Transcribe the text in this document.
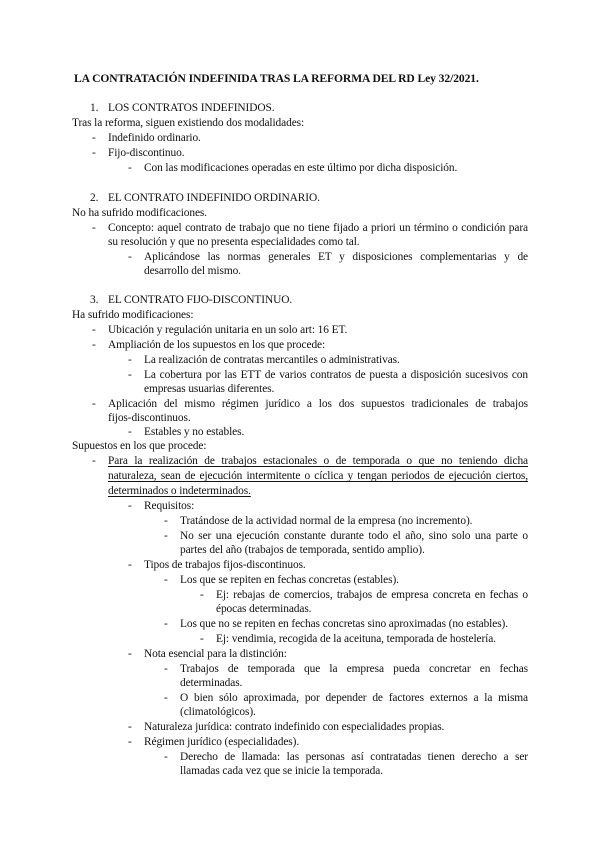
LA CONTRATACIÓN INDEFINIDA TRAS LA REFORMA DEL RD Ley 32/2021.
1. LOS CONTRATOS INDEFINIDOS.
Tras la reforma, siguen existiendo dos modalidades:
- Indefinido ordinario.
- Fijo-discontinuo.
- Con las modificaciones operadas en este último por dicha disposición.
2. EL CONTRATO INDEFINIDO ORDINARIO.
No ha sufrido modificaciones.
- Concepto: aquel contrato de trabajo que no tiene fijado a priori un término o condición para
su resolución y que no presenta especialidades como tal.
- Aplicándose las normas generales ET y disposiciones complementarias y de
desarrollo del mismo.
3. EL CONTRATO FIJO-DISCONTINUO.
Ha sufrido modificaciones:
- Ubicación y regulación unitaria en un solo art: 16 ET.
- Ampliación de los supuestos en los que procede:
- La realización de contratas mercantiles o administrativas.
- La cobertura por las ETT de varios contratos de puesta a disposición sucesivos con
empresas usuarias diferentes.
- Aplicación del mismo régimen jurídico a los dos supuestos tradicionales de trabajos
fijos-discontinuos.
- Estables y no estables.
Supuestos en los que procede:
- Para la realización de trabajos estacionales o de temporada o que no teniendo dicha
naturaleza, sean de ejecución intermitente o cíclica y tengan periodos de ejecución ciertos,
determinados o indeterminados.
- Requisitos:
- Tratándose de la actividad normal de la empresa (no incremento).
- No ser una ejecución constante durante todo el año, sino solo una parte o
partes del año (trabajos de temporada, sentido amplio).
- Tipos de trabajos fijos-discontinuos.
- Los que se repiten en fechas concretas (estables).
- Ej: rebajas de comercios, trabajos de empresa concreta en fechas o
épocas determinadas.
- Los que no se repiten en fechas concretas sino aproximadas (no estables).
- Ej: vendimia, recogida de la aceituna, temporada de hostelería.
- Nota esencial para la distinción:
- Trabajos de temporada que la empresa pueda concretar en fechas
determinadas.
- O bien sólo aproximada, por depender de factores externos a la misma
(climatológicos).
- Naturaleza jurídica: contrato indefinido con especialidades propias.
- Régimen jurídico (especialidades).
- Derecho de llamada: las personas así contratadas tienen derecho a ser
llamadas cada vez que se inicie la temporada.
